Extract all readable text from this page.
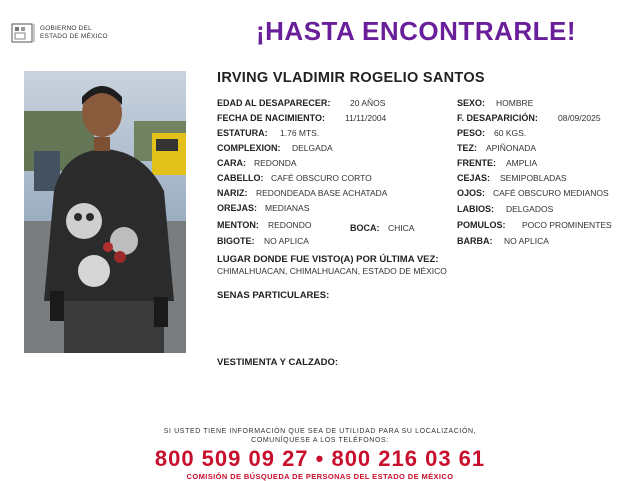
GOBIERNO DEL
ESTADO DE MÉXICO	¡HASTA ENCONTRARLE!
IRVING VLADIMIR ROGELIO SANTOS
EDAD AL DESAPARECER: 20 AÑOS
FECHA DE NACIMIENTO: 11/11/2004
ESTATURA: 1.76 MTS.
COMPLEXION: DELGADA
CARA: REDONDA
CABELLO: CAFÉ OBSCURO CORTO
NARIZ: REDONDEADA BASE ACHATADA
OREJAS: MEDIANAS
MENTON: REDONDO	BOCA: CHICA
BIGOTE: NO APLICA
SEXO: HOMBRE
F. DESAPARICIÓN: 08/09/2025
PESO: 60 KGS.
TEZ: APIÑONADA
FRENTE: AMPLIA
CEJAS: SEMIPOBLADAS
OJOS: CAFÉ OBSCURO MEDIANOS
LABIOS: DELGADOS
POMULOS: POCO PROMINENTES
BARBA: NO APLICA
LUGAR DONDE FUE VISTO(A) POR ÚLTIMA VEZ:
CHIMALHUACAN, CHIMALHUACAN, ESTADO DE MÉXICO
SENAS PARTICULARES:
VESTIMENTA Y CALZADO:
SI USTED TIENE INFORMACIÓN QUE SEA DE UTILIDAD PARA SU LOCALIZACIÓN,
COMUNÍQUESE A LOS TELÉFONOS:
800 509 09 27 • 800 216 03 61
COMISIÓN DE BÚSQUEDA DE PERSONAS DEL ESTADO DE MÉXICO
